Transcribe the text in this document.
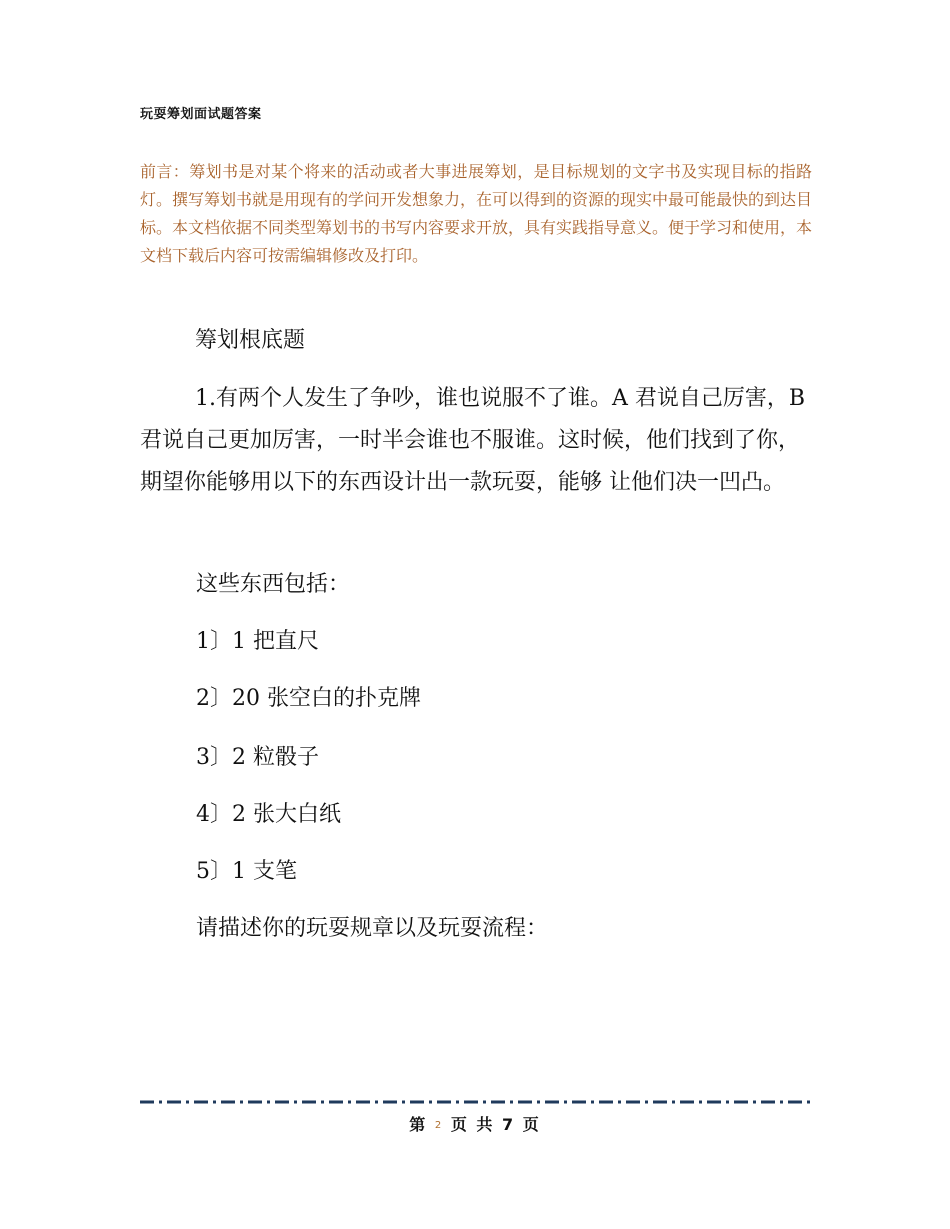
玩耍筹划面试题答案
前言：筹划书是对某个将来的活动或者大事进展筹划，是目标规划的文字书及实现目标的指路灯。撰写筹划书就是用现有的学问开发想象力，在可以得到的资源的现实中最可能最快的到达目标。本文档依据不同类型筹划书的书写内容要求开放，具有实践指导意义。便于学习和使用，本文档下载后内容可按需编辑修改及打印。
筹划根底题
1.有两个人发生了争吵，谁也说服不了谁。A 君说自己厉害，B 君说自己更加厉害，一时半会谁也不服谁。这时候，他们找到了你，期望你能够用以下的东西设计出一款玩耍，能够 让他们决一凹凸。
这些东西包括：
1〕1 把直尺
2〕20 张空白的扑克牌
3〕2 粒骰子
4〕2 张大白纸
5〕1 支笔
请描述你的玩耍规章以及玩耍流程：
第 2 页 共 7 页
